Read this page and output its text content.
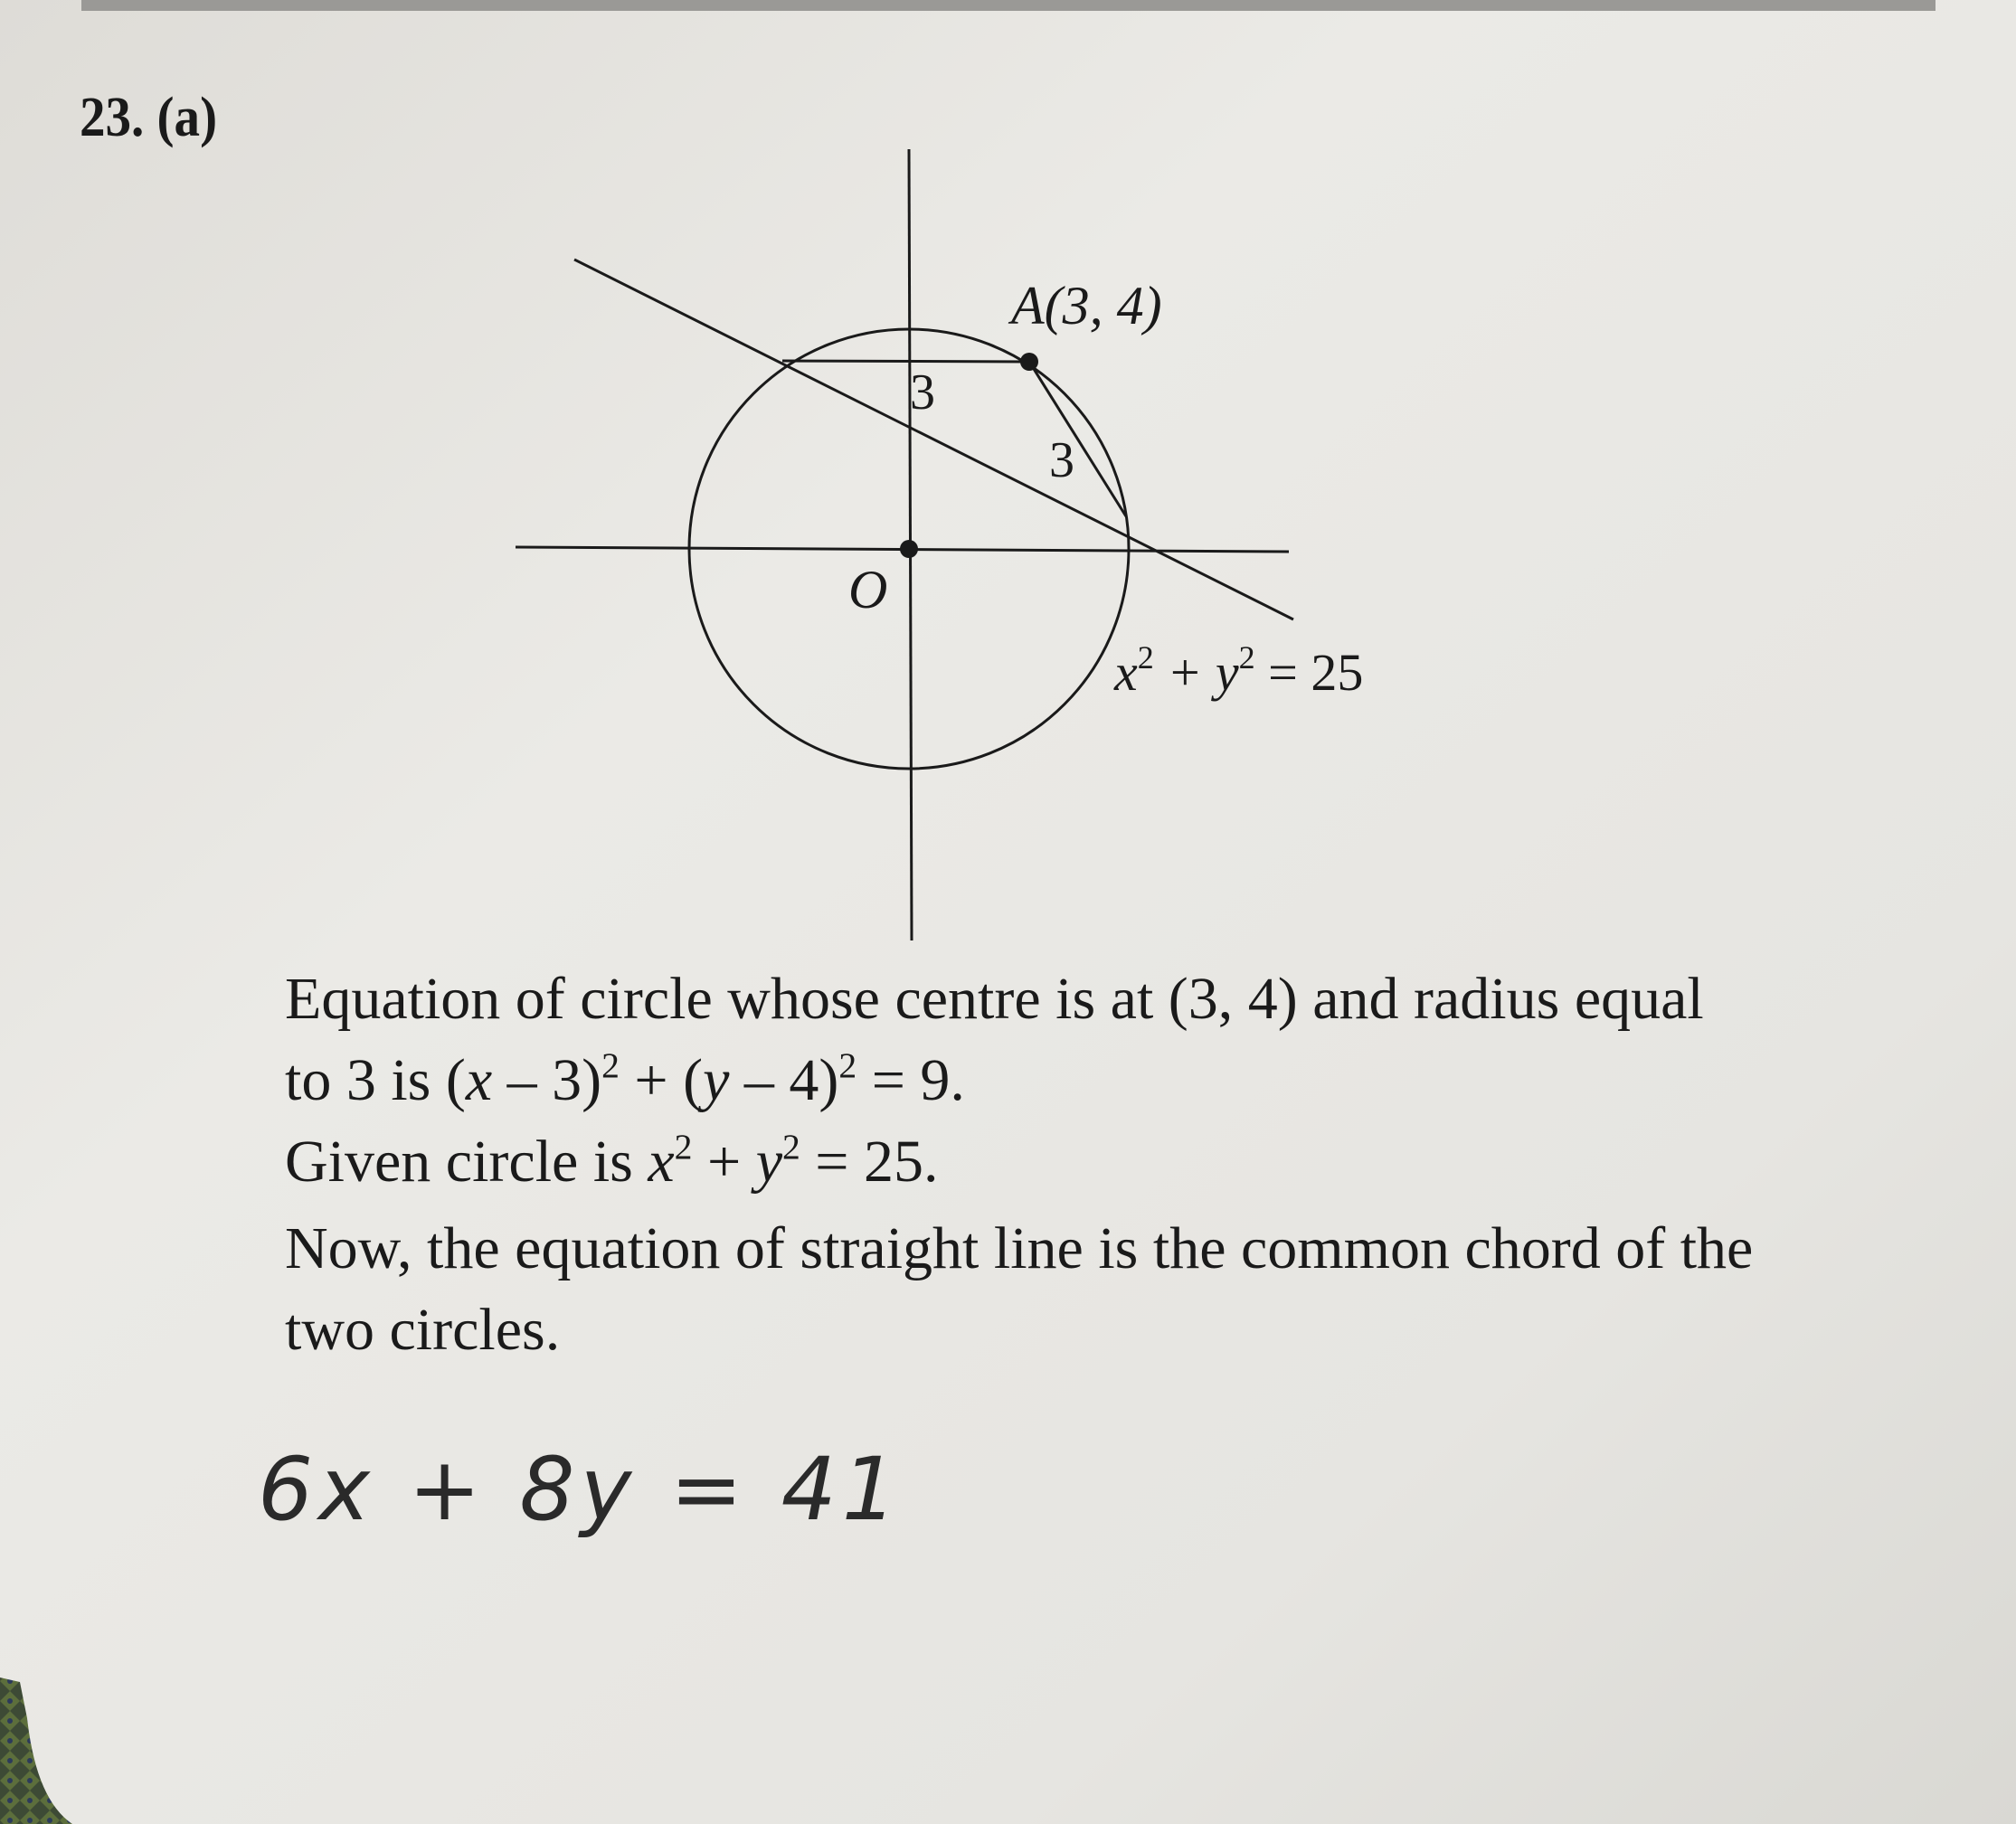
23. (a)
A(3, 4)
O
3
3
$x^2 + y^2 = 25$
Equation of circle whose centre is at (3, 4) and radius equal
to 3 is (x – 3)$^2$ + (y – 4)$^2$ = 9.
Given circle is $x^2 + y^2 = 25$.
Now, the equation of straight line is the common chord of the
two circles.
6x + 8y = 41
